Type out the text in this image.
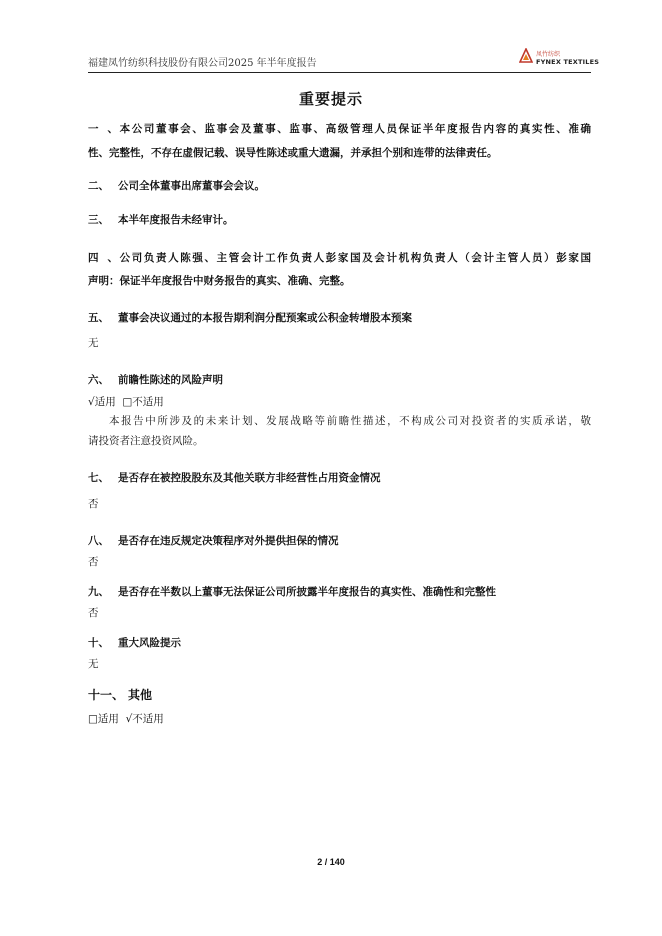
福建凤竹纺织科技股份有限公司2025 年半年度报告
凤竹纺织
FYNEX TEXTILES
重要提示
一、本公司董事会、监事会及董事、监事、高级管理人员保证半年度报告内容的真实性、准确
性、完整性，不存在虚假记载、误导性陈述或重大遗漏，并承担个别和连带的法律责任。
二、 公司全体董事出席董事会会议。
三、 本半年度报告未经审计。
四、公司负责人陈强、主管会计工作负责人彭家国及会计机构负责人（会计主管人员）彭家国
声明：保证半年度报告中财务报告的真实、准确、完整。
五、 董事会决议通过的本报告期利润分配预案或公积金转增股本预案
无
六、 前瞻性陈述的风险声明
√适用 □不适用
本报告中所涉及的未来计划、发展战略等前瞻性描述，不构成公司对投资者的实质承诺，敬
请投资者注意投资风险。
七、 是否存在被控股股东及其他关联方非经营性占用资金情况
否
八、 是否存在违反规定决策程序对外提供担保的情况
否
九、 是否存在半数以上董事无法保证公司所披露半年度报告的真实性、准确性和完整性
否
十、 重大风险提示
无
十一、 其他
□适用 √不适用
2 / 140
